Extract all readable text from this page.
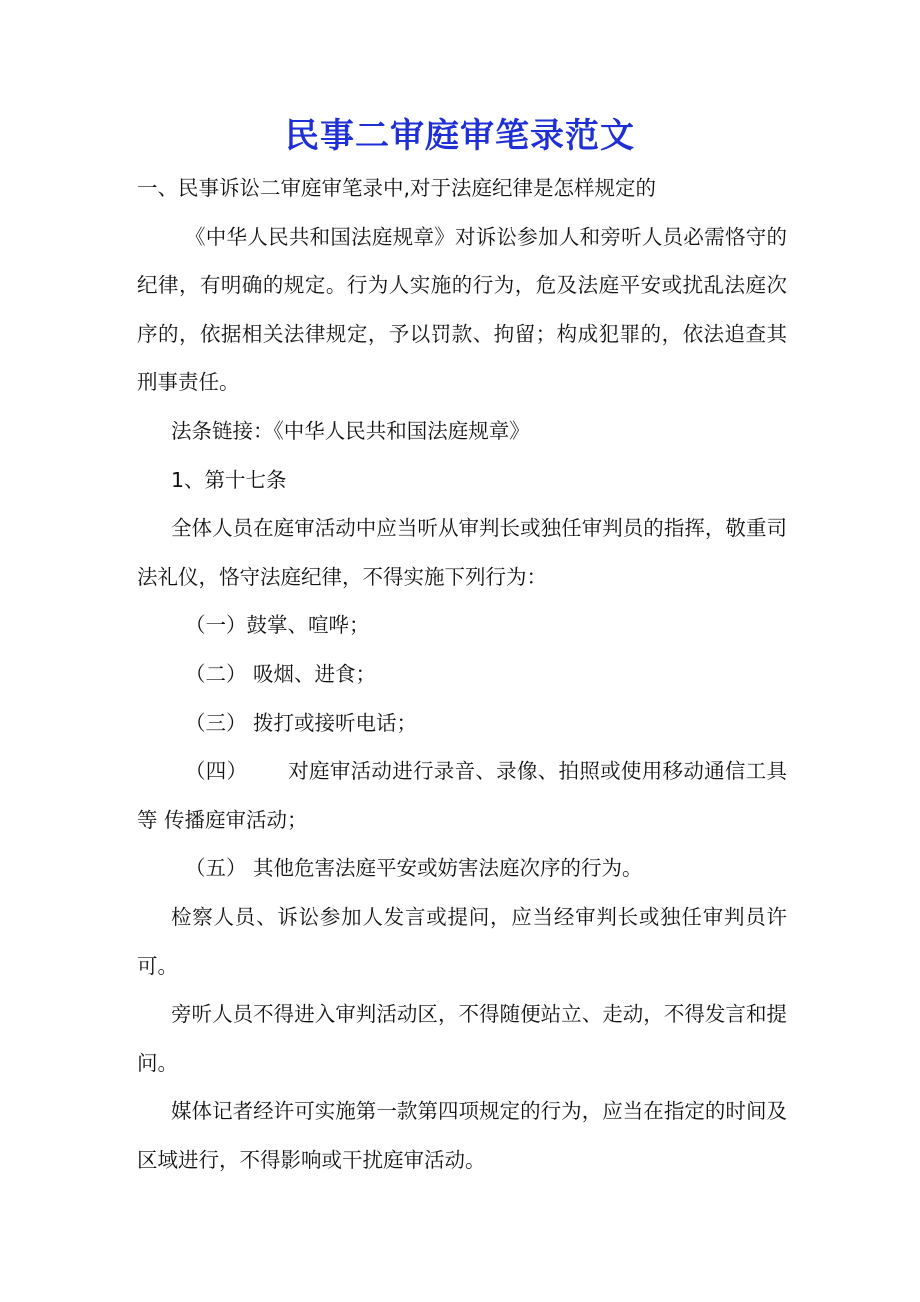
民事二审庭审笔录范文

一、民事诉讼二审庭审笔录中,对于法庭纪律是怎样规定的

《中华人民共和国法庭规章》对诉讼参加人和旁听人员必需恪守的纪律，有明确的规定。行为人实施的行为，危及法庭平安或扰乱法庭次序的，依据相关法律规定，予以罚款、拘留；构成犯罪的，依法追查其刑事责任。

法条链接：《中华人民共和国法庭规章》

1、第十七条

全体人员在庭审活动中应当听从审判长或独任审判员的指挥，敬重司法礼仪，恪守法庭纪律，不得实施下列行为：

（一）鼓掌、喧哗；

（二） 吸烟、进食；

（三） 拨打或接听电话；

（四）      对庭审活动进行录音、录像、拍照或使用移动通信工具等 传播庭审活动；

（五） 其他危害法庭平安或妨害法庭次序的行为。

检察人员、诉讼参加人发言或提问，应当经审判长或独任审判员许可。

旁听人员不得进入审判活动区，不得随便站立、走动，不得发言和提问。

媒体记者经许可实施第一款第四项规定的行为，应当在指定的时间及区域进行，不得影响或干扰庭审活动。
